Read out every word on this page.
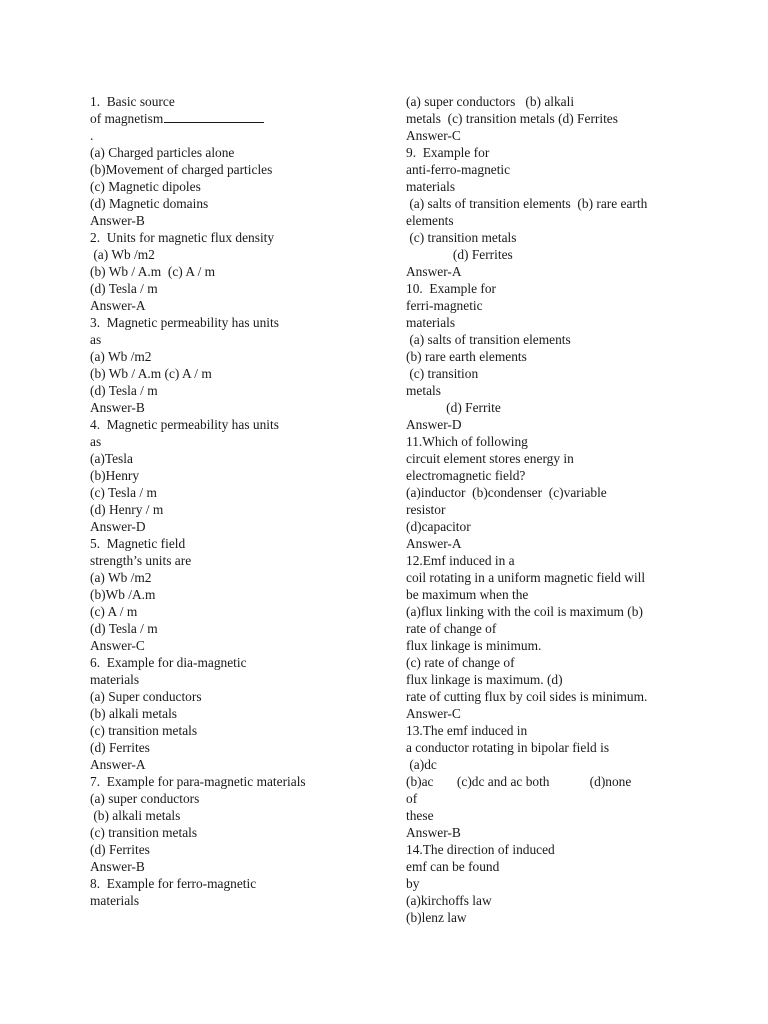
1.  Basic source
of magnetism
.
(a) Charged particles alone
(b)Movement of charged particles
(c) Magnetic dipoles
(d) Magnetic domains
Answer-B
2.  Units for magnetic flux density
(a) Wb /m2
(b) Wb / A.m  (c) A / m
(d) Tesla / m
Answer-A
3.  Magnetic permeability has units
as
(a) Wb /m2
(b) Wb / A.m (c) A / m
(d) Tesla / m
Answer-B
4.  Magnetic permeability has units
as
(a)Tesla
(b)Henry
(c) Tesla / m
(d) Henry / m
Answer-D
5.  Magnetic field
strength’s units are
(a) Wb /m2
(b)Wb /A.m
(c) A / m
(d) Tesla / m
Answer-C
6.  Example for dia-magnetic
materials
(a) Super conductors
(b) alkali metals
(c) transition metals
(d) Ferrites
Answer-A
7.  Example for para-magnetic materials
(a) super conductors
(b) alkali metals
(c) transition metals
(d) Ferrites
Answer-B
8.  Example for ferro-magnetic
materials
(a) super conductors   (b) alkali
metals  (c) transition metals (d) Ferrites
Answer-C
9.  Example for
anti-ferro-magnetic
materials
(a) salts of transition elements  (b) rare earth
elements
(c) transition metals
(d) Ferrites
Answer-A
10.  Example for
ferri-magnetic
materials
(a) salts of transition elements
(b) rare earth elements
(c) transition
metals
(d) Ferrite
Answer-D
11.Which of following
circuit element stores energy in
electromagnetic field?
(a)inductor  (b)condenser  (c)variable
resistor
(d)capacitor
Answer-A
12.Emf induced in a
coil rotating in a uniform magnetic field will
be maximum when the
(a)flux linking with the coil is maximum (b)
rate of change of
flux linkage is minimum.
(c) rate of change of
flux linkage is maximum. (d)
rate of cutting flux by coil sides is minimum.
Answer-C
13.The emf induced in
a conductor rotating in bipolar field is
(a)dc
(b)ac       (c)dc and ac both            (d)none
of
these
Answer-B
14.The direction of induced
emf can be found
by
(a)kirchoffs law
(b)lenz law
